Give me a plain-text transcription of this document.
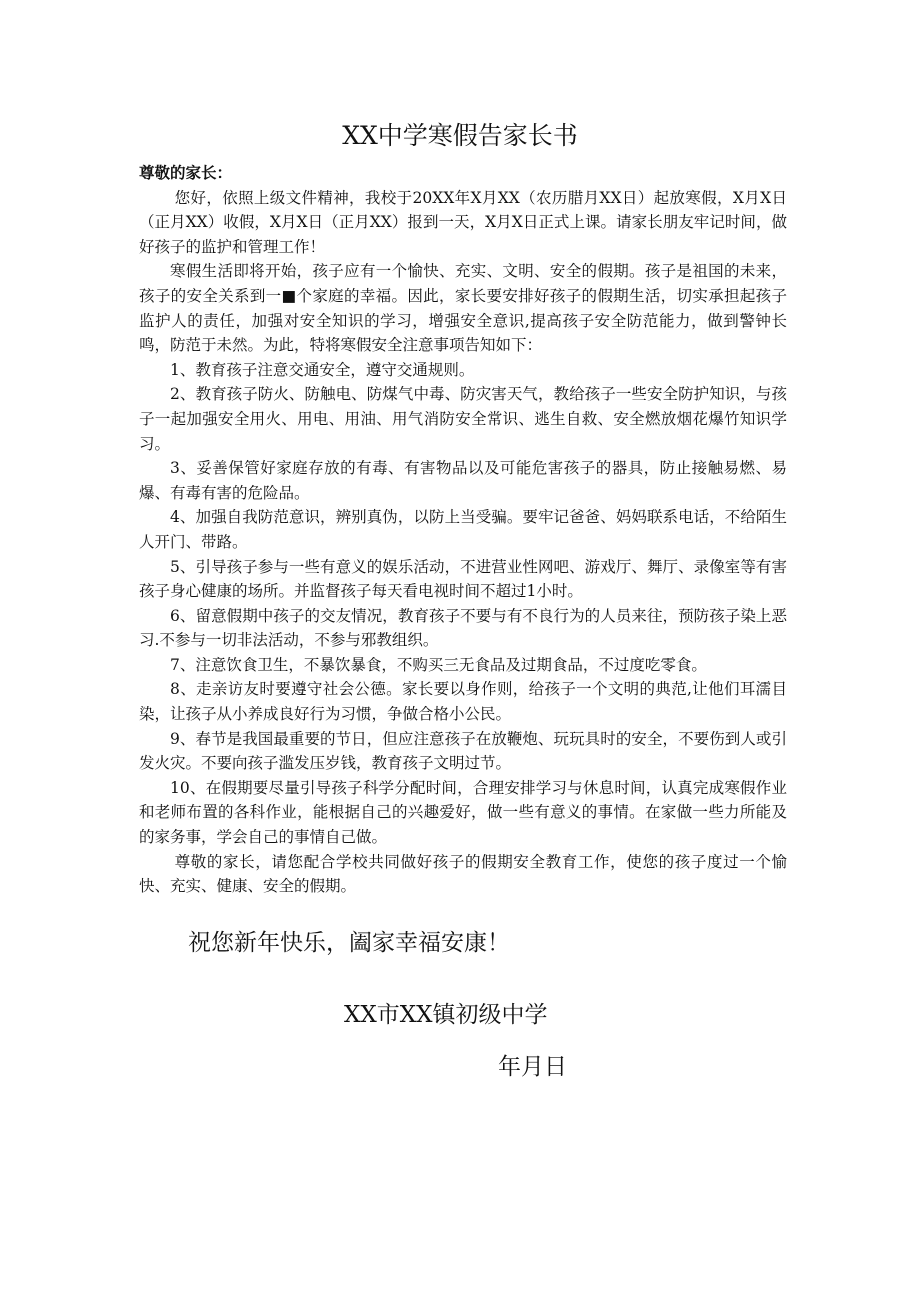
XX中学寒假告家长书

尊敬的家长：

您好，依照上级文件精神，我校于20XX年X月XX（农历腊月XX日）起放寒假，X月X日（正月XX）收假，X月X日（正月XX）报到一天，X月X日正式上课。请家长朋友牢记时间，做好孩子的监护和管理工作！

寒假生活即将开始，孩子应有一个愉快、充实、文明、安全的假期。孩子是祖国的未来，孩子的安全关系到一■个家庭的幸福。因此，家长要安排好孩子的假期生活，切实承担起孩子监护人的责任，加强对安全知识的学习，增强安全意识,提高孩子安全防范能力，做到警钟长鸣，防范于未然。为此，特将寒假安全注意事项告知如下：

1、教育孩子注意交通安全，遵守交通规则。

2、教育孩子防火、防触电、防煤气中毒、防灾害天气，教给孩子一些安全防护知识，与孩子一起加强安全用火、用电、用油、用气消防安全常识、逃生自救、安全燃放烟花爆竹知识学习。

3、妥善保管好家庭存放的有毒、有害物品以及可能危害孩子的器具，防止接触易燃、易爆、有毒有害的危险品。

4、加强自我防范意识，辨别真伪，以防上当受骗。要牢记爸爸、妈妈联系电话，不给陌生人开门、带路。

5、引导孩子参与一些有意义的娱乐活动，不进营业性网吧、游戏厅、舞厅、录像室等有害孩子身心健康的场所。并监督孩子每天看电视时间不超过1小时。

6、留意假期中孩子的交友情况，教育孩子不要与有不良行为的人员来往，预防孩子染上恶习.不参与一切非法活动，不参与邪教组织。

7、注意饮食卫生，不暴饮暴食，不购买三无食品及过期食品，不过度吃零食。

8、走亲访友时要遵守社会公德。家长要以身作则，给孩子一个文明的典范,让他们耳濡目染，让孩子从小养成良好行为习惯，争做合格小公民。

9、春节是我国最重要的节日，但应注意孩子在放鞭炮、玩玩具时的安全，不要伤到人或引发火灾。不要向孩子滥发压岁钱，教育孩子文明过节。

10、在假期要尽量引导孩子科学分配时间，合理安排学习与休息时间，认真完成寒假作业和老师布置的各科作业，能根据自己的兴趣爱好，做一些有意义的事情。在家做一些力所能及的家务事，学会自己的事情自己做。

尊敬的家长，请您配合学校共同做好孩子的假期安全教育工作，使您的孩子度过一个愉快、充实、健康、安全的假期。

祝您新年快乐，阖家幸福安康！
XX市XX镇初级中学
年月日
